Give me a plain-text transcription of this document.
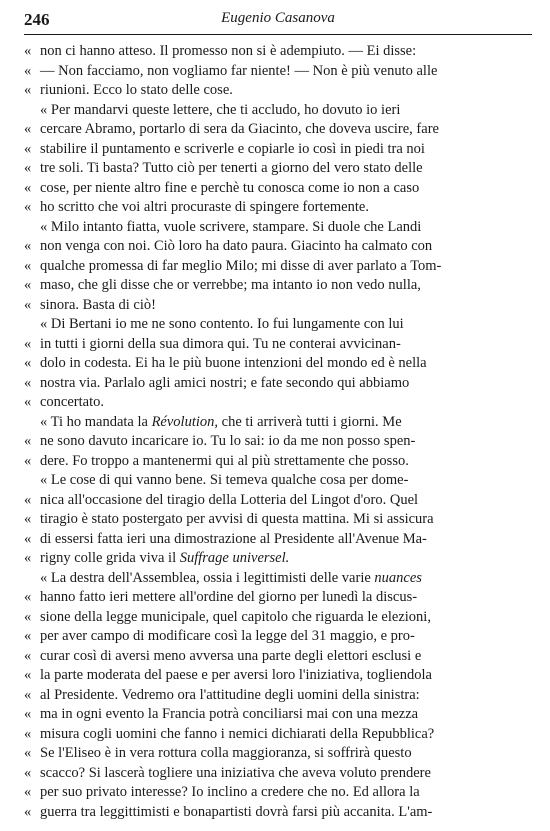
246	Eugenio Casanova
« non ci hanno atteso. Il promesso non si è adempiuto. — Ei disse:
« — Non facciamo, non vogliamo far niente! — Non è più venuto alle
« riunioni. Ecco lo stato delle cose.
« Per mandarvi queste lettere, che ti accludo, ho dovuto io ieri
« cercare Abramo, portarlo di sera da Giacinto, che doveva uscire, fare
« stabilire il puntamento e scriverle e copiarle io così in piedi tra noi
« tre soli. Ti basta? Tutto ciò per tenerti a giorno del vero stato delle
« cose, per niente altro fine e perchè tu conosca come io non a caso
« ho scritto che voi altri procuraste di spingere fortemente.
« Milo intanto fiatta, vuole scrivere, stampare. Si duole che Landi
« non venga con noi. Ciò loro ha dato paura. Giacinto ha calmato con
« qualche promessa di far meglio Milo; mi disse di aver parlato a Tom-
« maso, che gli disse che or verrebbe; ma intanto io non vedo nulla,
« sinora. Basta di ciò!
« Di Bertani io me ne sono contento. Io fui lungamente con lui
« in tutti i giorni della sua dimora qui. Tu ne conterai avvicinan-
« dolo in codesta. Ei ha le più buone intenzioni del mondo ed è nella
« nostra via. Parlalo agli amici nostri; e fate secondo qui abbiamo
« concertato.
« Ti ho mandata la Révolution, che ti arriverà tutti i giorni. Me
« ne sono davuto incaricare io. Tu lo sai: io da me non posso spen-
« dere. Fo troppo a mantenermi qui al più strettamente che posso.
« Le cose di qui vanno bene. Si temeva qualche cosa per dome-
« nica all'occasione del tiragio della Lotteria del Lingot d'oro. Quel
« tiragio è stato postergato per avvisi di questa mattina. Mi si assicura
« di essersi fatta ieri una dimostrazione al Presidente all'Avenue Ma-
« rigny colle grida viva il Suffrage universel.
« La destra dell'Assemblea, ossia i legittimisti delle varie nuances
« hanno fatto ieri mettere all'ordine del giorno per lunedì la discus-
« sione della legge municipale, quel capitolo che riguarda le elezioni,
« per aver campo di modificare così la legge del 31 maggio, e pro-
« curar così di aversi meno avversa una parte degli elettori esclusi e
« la parte moderata del paese e per aversi loro l'iniziativa, togliendola
« al Presidente. Vedremo ora l'attitudine degli uomini della sinistra:
« ma in ogni evento la Francia potrà conciliarsi mai con una mezza
« misura cogli uomini che fanno i nemici dichiarati della Repubblica?
« Se l'Eliseo è in vera rottura colla maggioranza, si soffrirà questo
« scacco? Si lascerà togliere una iniziativa che aveva voluto prendere
« per suo privato interesse? Io inclino a credere che no. Ed allora la
« guerra tra leggittimisti e bonapartisti dovrà farsi più accanita. L'am-
